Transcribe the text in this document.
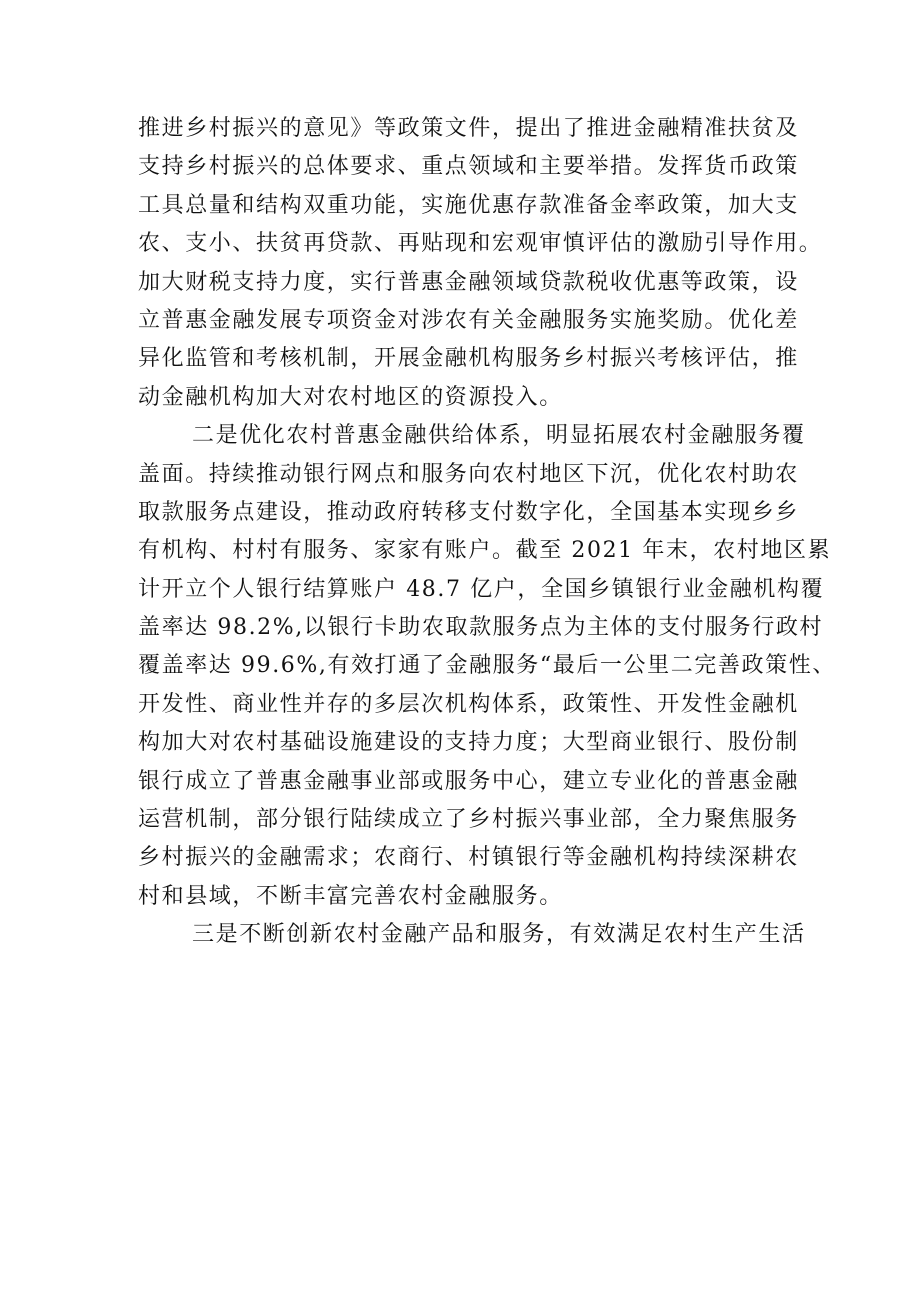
推进乡村振兴的意见》等政策文件，提出了推进金融精准扶贫及
支持乡村振兴的总体要求、重点领域和主要举措。发挥货币政策
工具总量和结构双重功能，实施优惠存款准备金率政策，加大支
农、支小、扶贫再贷款、再贴现和宏观审慎评估的激励引导作用。
加大财税支持力度，实行普惠金融领域贷款税收优惠等政策，设
立普惠金融发展专项资金对涉农有关金融服务实施奖励。优化差
异化监管和考核机制，开展金融机构服务乡村振兴考核评估，推
动金融机构加大对农村地区的资源投入。
二是优化农村普惠金融供给体系，明显拓展农村金融服务覆
盖面。持续推动银行网点和服务向农村地区下沉，优化农村助农
取款服务点建设，推动政府转移支付数字化，全国基本实现乡乡
有机构、村村有服务、家家有账户。截至 2021 年末，农村地区累
计开立个人银行结算账户 48.7 亿户，全国乡镇银行业金融机构覆
盖率达 98.2%,以银行卡助农取款服务点为主体的支付服务行政村
覆盖率达 99.6%,有效打通了金融服务“最后一公里二完善政策性、
开发性、商业性并存的多层次机构体系，政策性、开发性金融机
构加大对农村基础设施建设的支持力度；大型商业银行、股份制
银行成立了普惠金融事业部或服务中心，建立专业化的普惠金融
运营机制，部分银行陆续成立了乡村振兴事业部，全力聚焦服务
乡村振兴的金融需求；农商行、村镇银行等金融机构持续深耕农
村和县域，不断丰富完善农村金融服务。
三是不断创新农村金融产品和服务，有效满足农村生产生活
